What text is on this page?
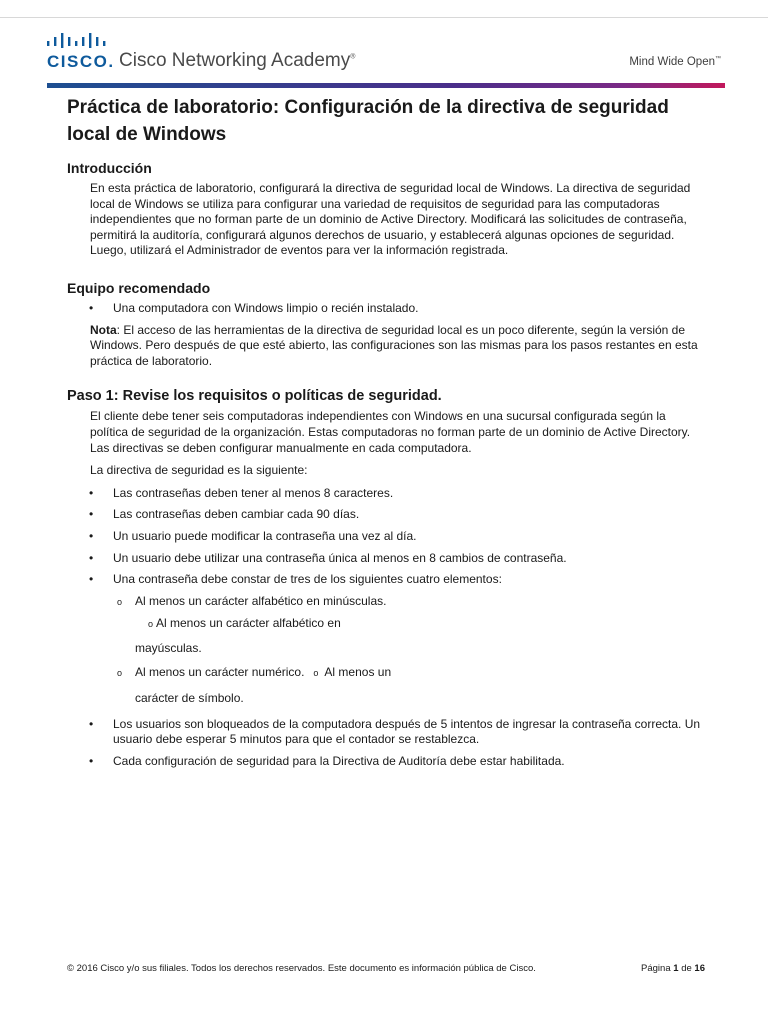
CISCO. Cisco Networking Academy®	Mind Wide Open™
Práctica de laboratorio: Configuración de la directiva de seguridad local de Windows
Introducción

En esta práctica de laboratorio, configurará la directiva de seguridad local de Windows. La directiva de seguridad local de Windows se utiliza para configurar una variedad de requisitos de seguridad para las computadoras independientes que no forman parte de un dominio de Active Directory. Modificará las solicitudes de contraseña, permitirá la auditoría, configurará algunos derechos de usuario, y establecerá algunas opciones de seguridad. Luego, utilizará el Administrador de eventos para ver la información registrada.

Equipo recomendado
• Una computadora con Windows limpio o recién instalado.

Nota: El acceso de las herramientas de la directiva de seguridad local es un poco diferente, según la versión de Windows. Pero después de que esté abierto, las configuraciones son las mismas para los pasos restantes en esta práctica de laboratorio.

Paso 1: Revise los requisitos o políticas de seguridad.

El cliente debe tener seis computadoras independientes con Windows en una sucursal configurada según la política de seguridad de la organización. Estas computadoras no forman parte de un dominio de Active Directory. Las directivas se deben configurar manualmente en cada computadora.

La directiva de seguridad es la siguiente:

• Las contraseñas deben tener al menos 8 caracteres.
• Las contraseñas deben cambiar cada 90 días.
• Un usuario puede modificar la contraseña una vez al día.
• Un usuario debe utilizar una contraseña única al menos en 8 cambios de contraseña.
• Una contraseña debe constar de tres de los siguientes cuatro elementos:
o Al menos un carácter alfabético en minúsculas.
o Al menos un carácter alfabético en
mayúsculas.
o Al menos un carácter numérico. o Al menos un
carácter de símbolo.
• Los usuarios son bloqueados de la computadora después de 5 intentos de ingresar la contraseña correcta. Un usuario debe esperar 5 minutos para que el contador se restablezca.
• Cada configuración de seguridad para la Directiva de Auditoría debe estar habilitada.
© 2016 Cisco y/o sus filiales. Todos los derechos reservados. Este documento es información pública de Cisco.	Página 1 de 16
